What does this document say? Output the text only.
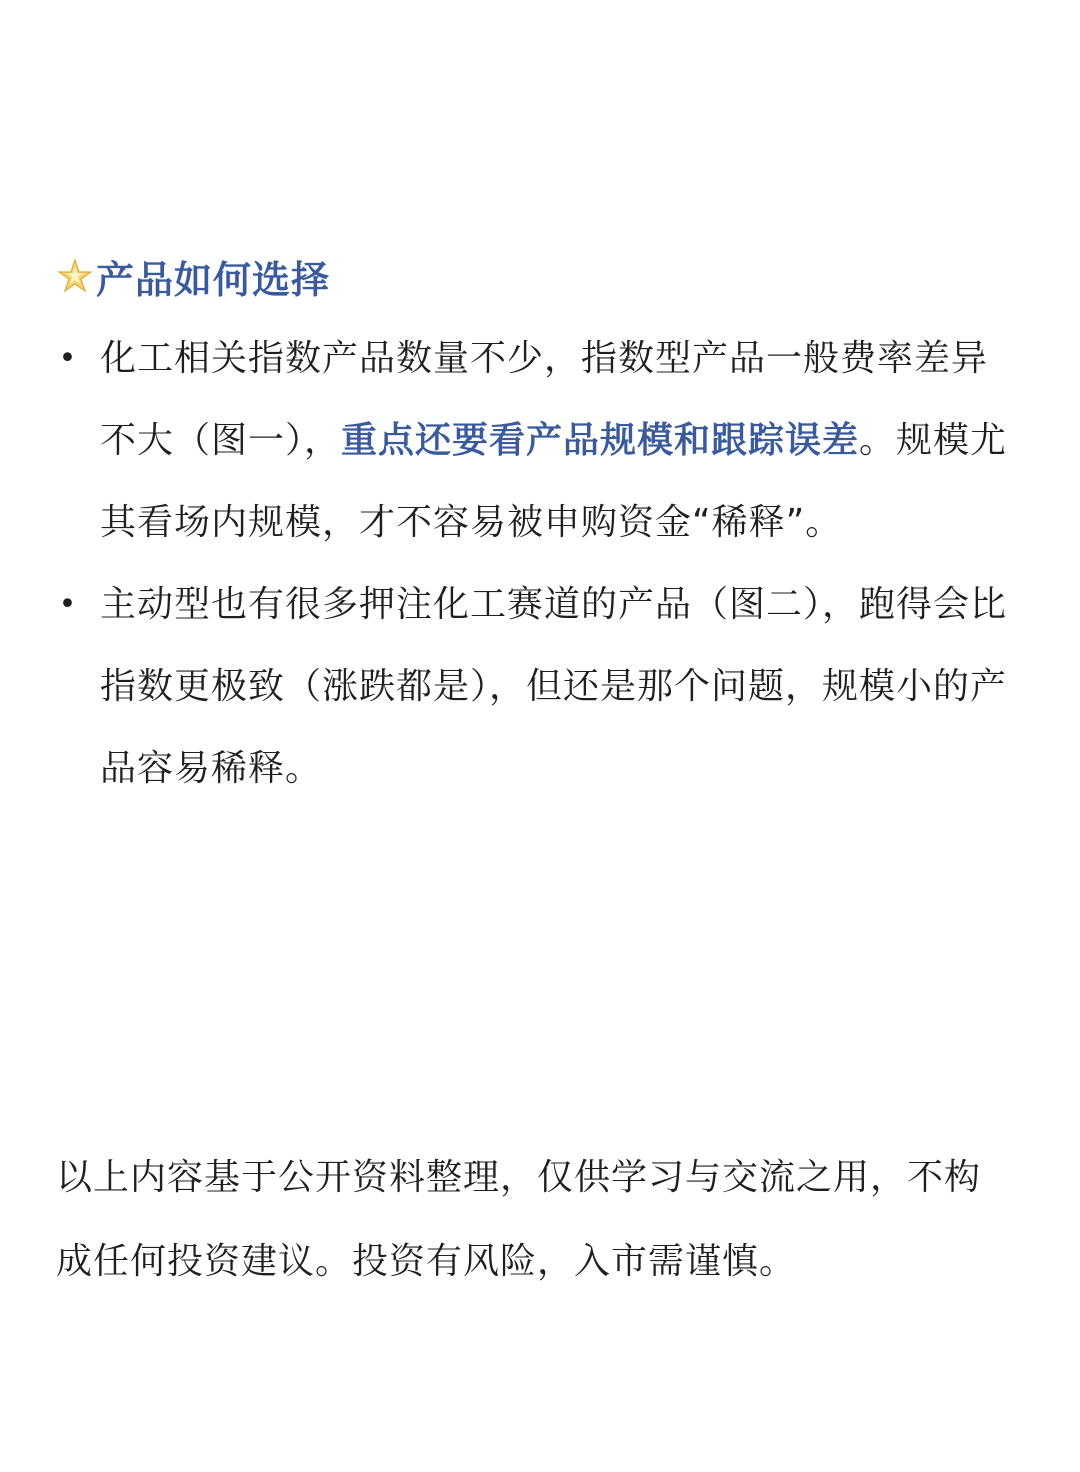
产品如何选择
• 化工相关指数产品数量不少，指数型产品一般费率差异不大（图一），重点还要看产品规模和跟踪误差。规模尤其看场内规模，才不容易被申购资金“稀释”。
• 主动型也有很多押注化工赛道的产品（图二），跑得会比指数更极致（涨跌都是），但还是那个问题，规模小的产品容易稀释。
以上内容基于公开资料整理，仅供学习与交流之用，不构成任何投资建议。投资有风险，入市需谨慎。
